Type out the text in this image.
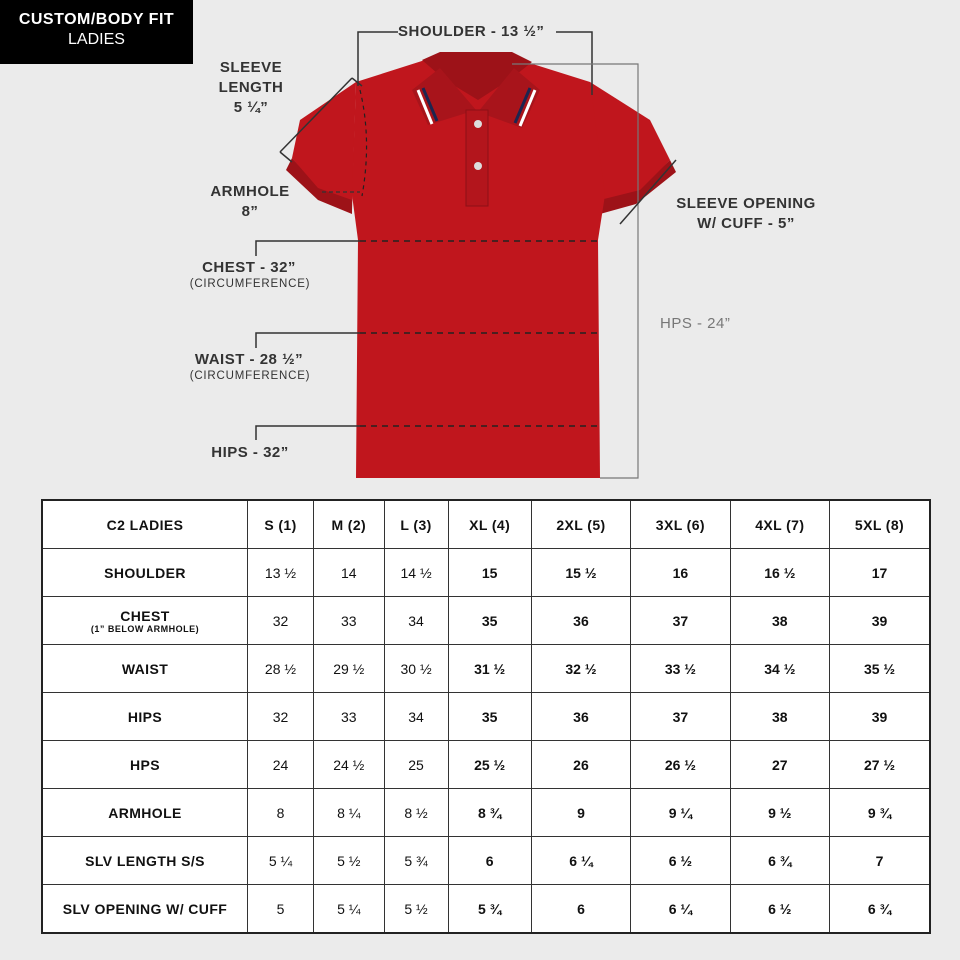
CUSTOM/BODY FIT
LADIES	SHOULDER - 13 ½”
SLEEVE
LENGTH
5 ¼”
ARMHOLE
8”	SLEEVE OPENING
W/ CUFF - 5”
CHEST - 32”
(CIRCUMFERENCE)
WAIST - 28 ½”
(CIRCUMFERENCE)
HIPS - 32”
HPS - 24”
C2 LADIES	S (1)	M (2)	L (3)	XL (4)	2XL (5)	3XL (6)	4XL (7)	5XL (8)
SHOULDER	13 ½	14	14 ½	15	15 ½	16	16 ½	17
CHEST
(1” BELOW ARMHOLE)	32	33	34	35	36	37	38	39
WAIST	28 ½	29 ½	30 ½	31 ½	32 ½	33 ½	34 ½	35 ½
HIPS	32	33	34	35	36	37	38	39
HPS	24	24 ½	25	25 ½	26	26 ½	27	27 ½
ARMHOLE	8	8 ¼	8 ½	8 ¾	9	9 ¼	9 ½	9 ¾
SLV LENGTH S/S	5 ¼	5 ½	5 ¾	6	6 ¼	6 ½	6 ¾	7
SLV OPENING W/ CUFF	5	5 ¼	5 ½	5 ¾	6	6 ¼	6 ½	6 ¾
